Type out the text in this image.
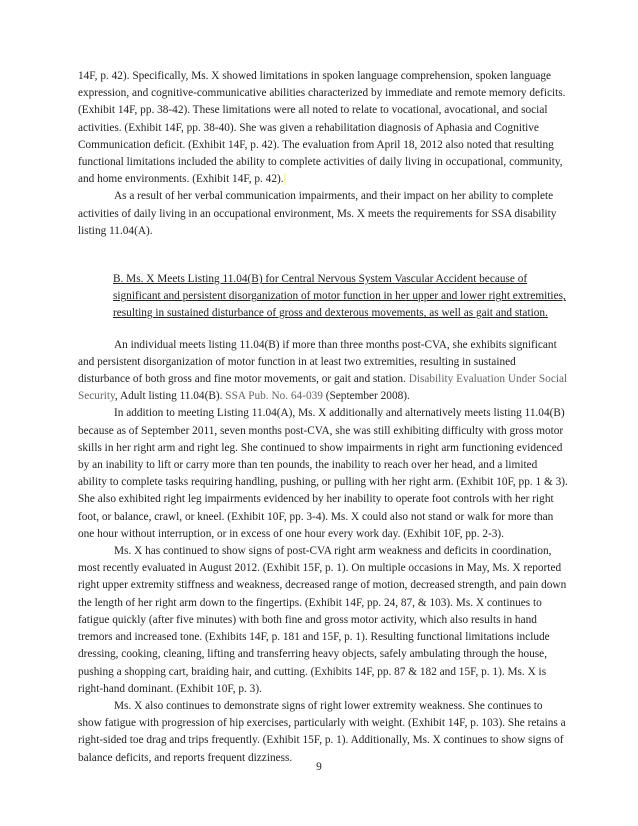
14F, p. 42). Specifically, Ms. X showed limitations in spoken language comprehension, spoken language expression, and cognitive-communicative abilities characterized by immediate and remote memory deficits. (Exhibit 14F, pp. 38-42). These limitations were all noted to relate to vocational, avocational, and social activities. (Exhibit 14F, pp. 38-40). She was given a rehabilitation diagnosis of Aphasia and Cognitive Communication deficit. (Exhibit 14F, p. 42). The evaluation from April 18, 2012 also noted that resulting functional limitations included the ability to complete activities of daily living in occupational, community, and home environments. (Exhibit 14F, p. 42).

As a result of her verbal communication impairments, and their impact on her ability to complete activities of daily living in an occupational environment, Ms. X meets the requirements for SSA disability listing 11.04(A).

B. Ms. X Meets Listing 11.04(B) for Central Nervous System Vascular Accident because of significant and persistent disorganization of motor function in her upper and lower right extremities, resulting in sustained disturbance of gross and dexterous movements, as well as gait and station.

An individual meets listing 11.04(B) if more than three months post-CVA, she exhibits significant and persistent disorganization of motor function in at least two extremities, resulting in sustained disturbance of both gross and fine motor movements, or gait and station. Disability Evaluation Under Social Security, Adult listing 11.04(B). SSA Pub. No. 64-039 (September 2008).

In addition to meeting Listing 11.04(A), Ms. X additionally and alternatively meets listing 11.04(B) because as of September 2011, seven months post-CVA, she was still exhibiting difficulty with gross motor skills in her right arm and right leg. She continued to show impairments in right arm functioning evidenced by an inability to lift or carry more than ten pounds, the inability to reach over her head, and a limited ability to complete tasks requiring handling, pushing, or pulling with her right arm. (Exhibit 10F, pp. 1 & 3). She also exhibited right leg impairments evidenced by her inability to operate foot controls with her right foot, or balance, crawl, or kneel. (Exhibit 10F, pp. 3-4). Ms. X could also not stand or walk for more than one hour without interruption, or in excess of one hour every work day. (Exhibit 10F, pp. 2-3).

Ms. X has continued to show signs of post-CVA right arm weakness and deficits in coordination, most recently evaluated in August 2012. (Exhibit 15F, p. 1). On multiple occasions in May, Ms. X reported right upper extremity stiffness and weakness, decreased range of motion, decreased strength, and pain down the length of her right arm down to the fingertips. (Exhibit 14F, pp. 24, 87, & 103). Ms. X continues to fatigue quickly (after five minutes) with both fine and gross motor activity, which also results in hand tremors and increased tone. (Exhibits 14F, p. 181 and 15F, p. 1). Resulting functional limitations include dressing, cooking, cleaning, lifting and transferring heavy objects, safely ambulating through the house, pushing a shopping cart, braiding hair, and cutting. (Exhibits 14F, pp. 87 & 182 and 15F, p. 1). Ms. X is right-hand dominant. (Exhibit 10F, p. 3).

Ms. X also continues to demonstrate signs of right lower extremity weakness. She continues to show fatigue with progression of hip exercises, particularly with weight. (Exhibit 14F, p. 103). She retains a right-sided toe drag and trips frequently. (Exhibit 15F, p. 1). Additionally, Ms. X continues to show signs of balance deficits, and reports frequent dizziness.

9
